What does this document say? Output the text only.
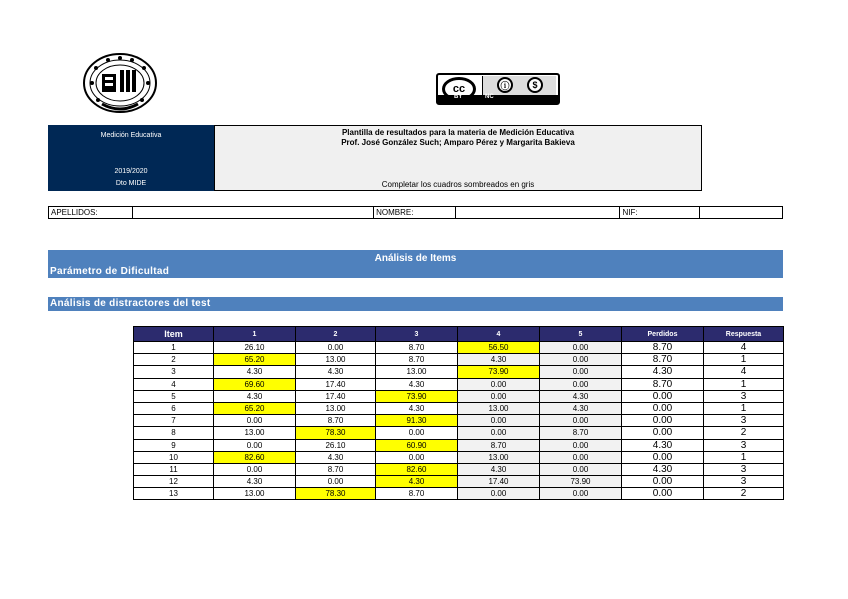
cc	ⓘ	$
BY	NC
Medición Educativa
2019/2020
Dto MIDE
Plantilla de resultados para la materia de Medición Educativa
Prof. José González Such; Amparo Pérez y Margarita Bakieva
Completar los cuadros sombreados en gris
APELLIDOS:	NOMBRE:	NIF:
Análisis de Items
Parámetro de Dificultad
Análisis de distractores del test
Item	1	2	3	4	5	Perdidos	Respuesta
1	26.10	0.00	8.70	56.50	0.00	8.70	4
2	65.20	13.00	8.70	4.30	0.00	8.70	1
3	4.30	4.30	13.00	73.90	0.00	4.30	4
4	69.60	17.40	4.30	0.00	0.00	8.70	1
5	4.30	17.40	73.90	0.00	4.30	0.00	3
6	65.20	13.00	4.30	13.00	4.30	0.00	1
7	0.00	8.70	91.30	0.00	0.00	0.00	3
8	13.00	78.30	0.00	0.00	8.70	0.00	2
9	0.00	26.10	60.90	8.70	0.00	4.30	3
10	82.60	4.30	0.00	13.00	0.00	0.00	1
11	0.00	8.70	82.60	4.30	0.00	4.30	3
12	4.30	0.00	4.30	17.40	73.90	0.00	3
13	13.00	78.30	8.70	0.00	0.00	0.00	2
